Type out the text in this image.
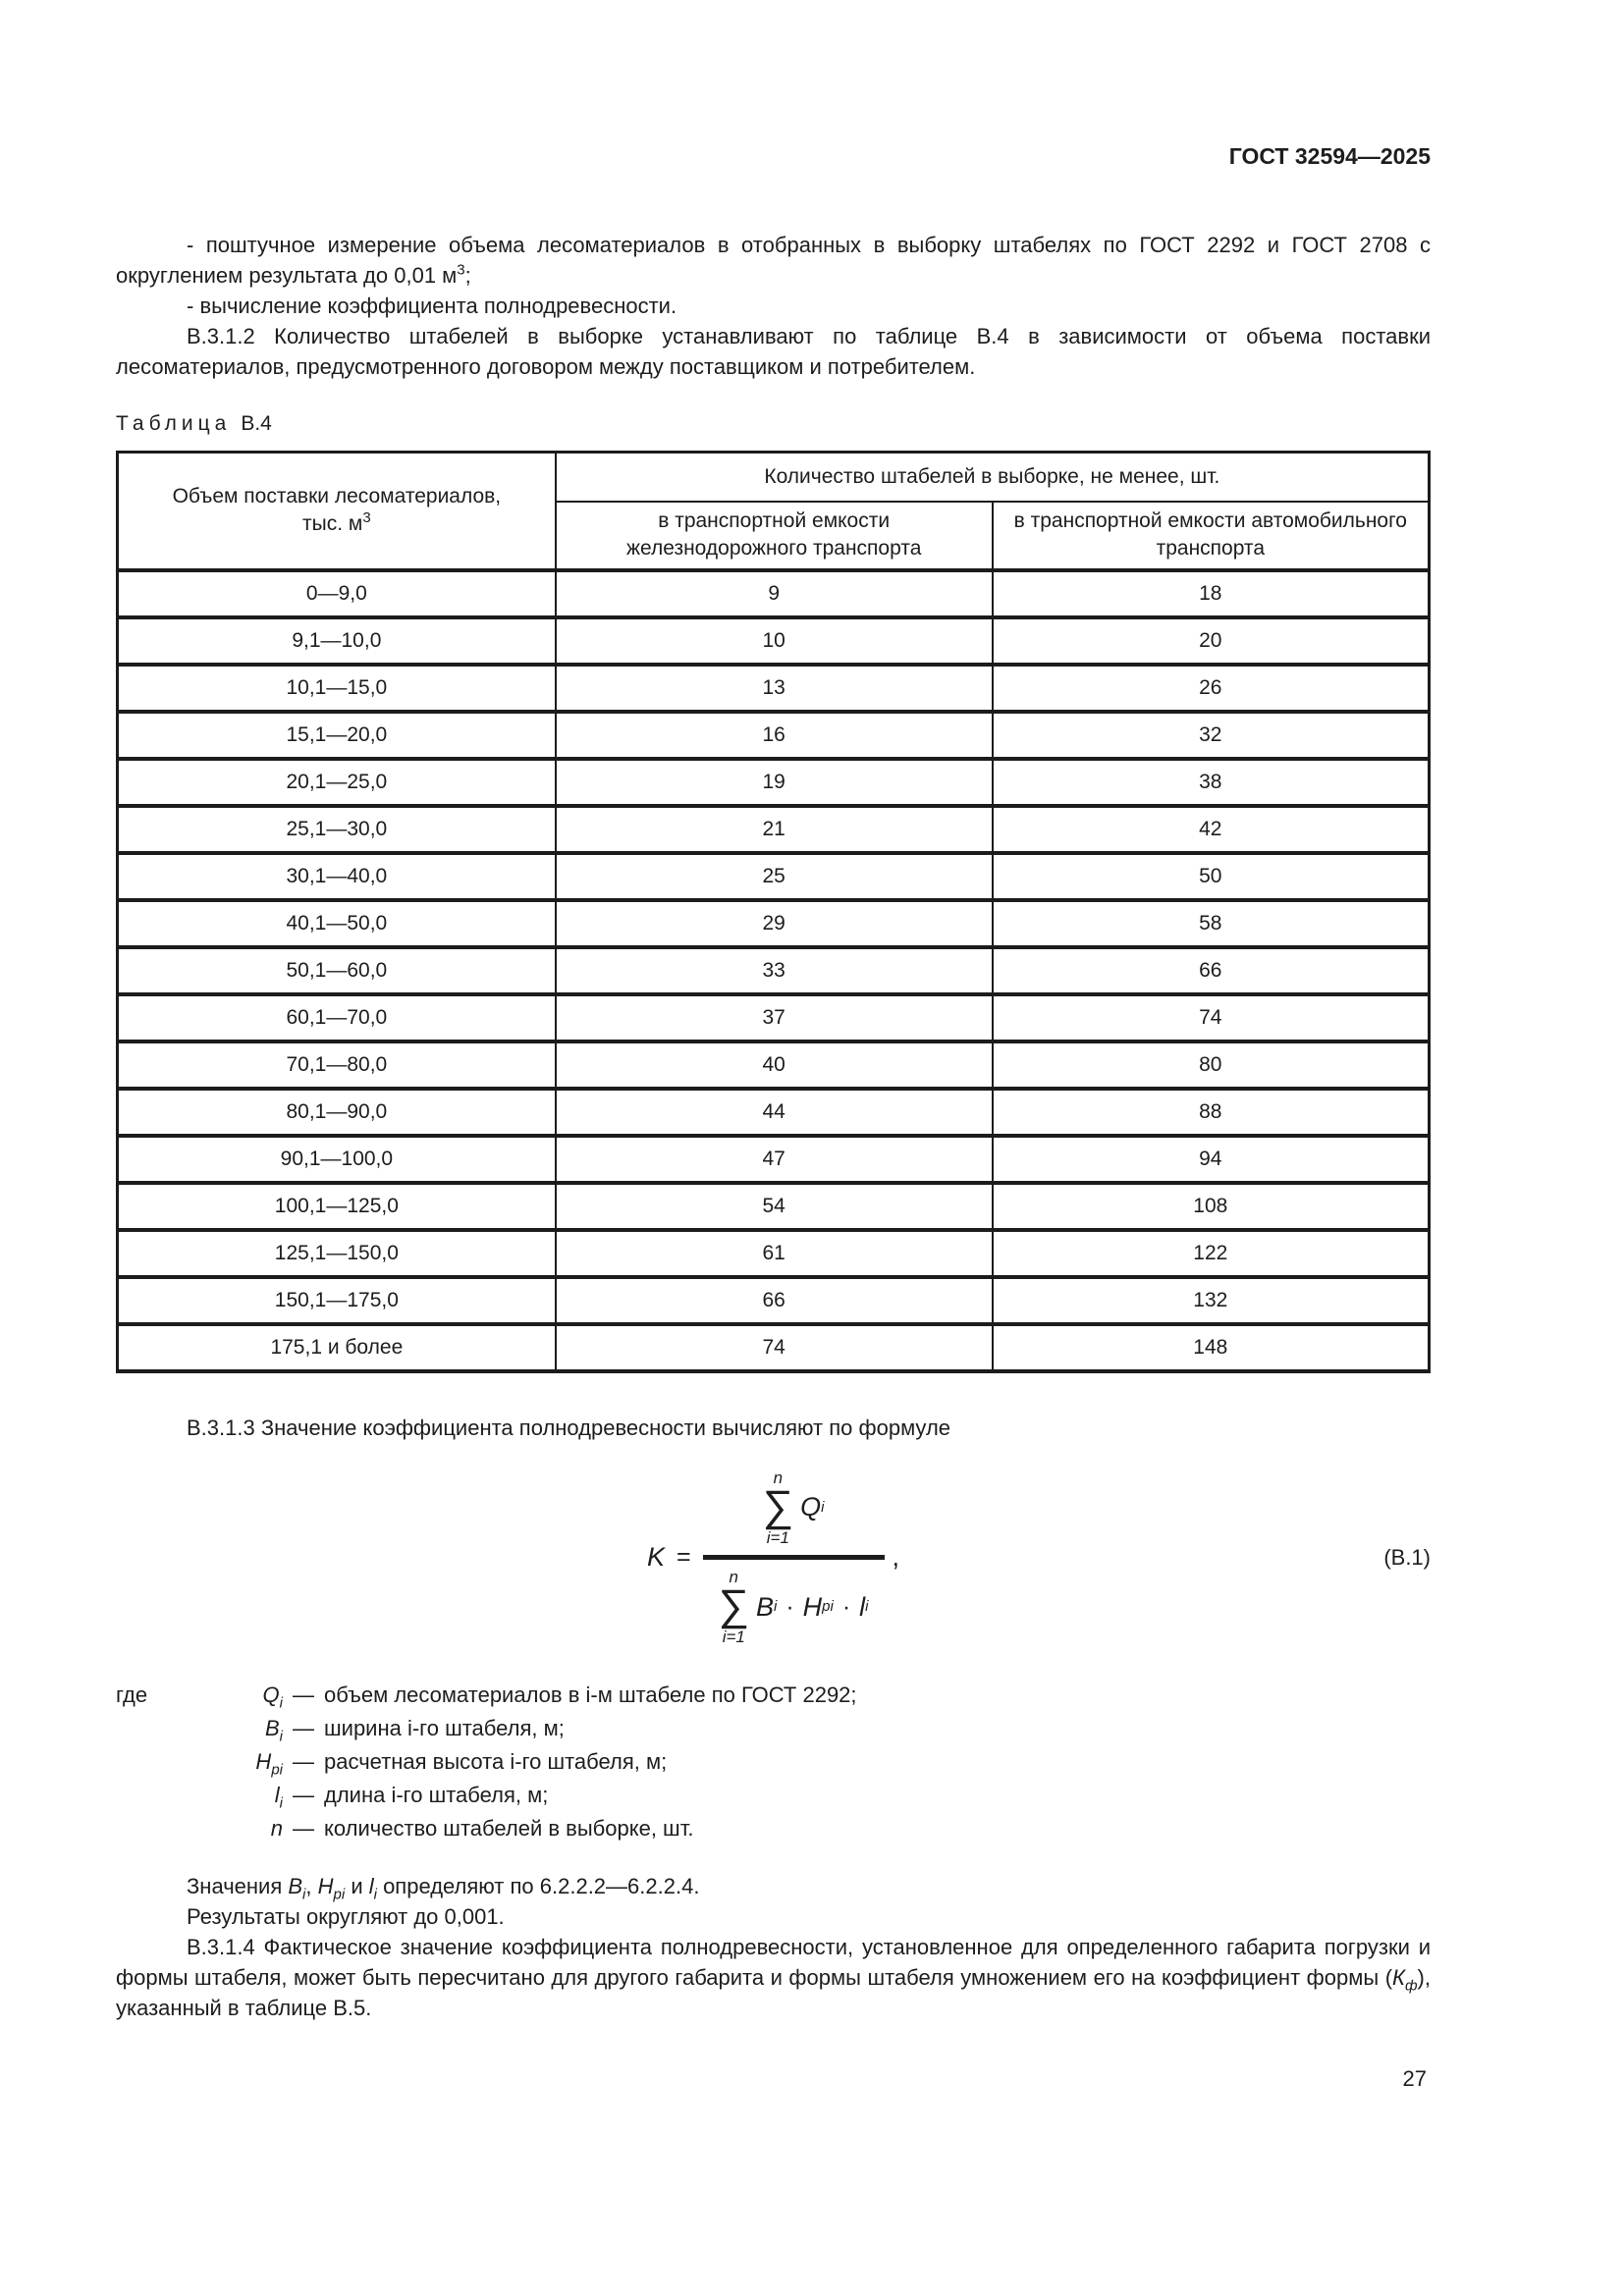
ГОСТ 32594—2025

- поштучное измерение объема лесоматериалов в отобранных в выборку штабелях по ГОСТ 2292 и ГОСТ 2708 с округлением результата до 0,01 $м^3$;

- вычисление коэффициента полнодревесности.

В.3.1.2 Количество штабелей в выборке устанавливают по таблице В.4 в зависимости от объема поставки лесоматериалов, предусмотренного договором между поставщиком и потребителем.

Таблица В.4
Объем поставки лесоматериалов,
тыс. $м^3$	Количество штабелей в выборке, не менее, шт.	
	в транспортной емкости железнодорожного транспорта	в транспортной емкости автомобильного транспорта
0—9,0	9	18
9,1—10,0	10	20
10,1—15,0	13	26
15,1—20,0	16	32
20,1—25,0	19	38
25,1—30,0	21	42
30,1—40,0	25	50
40,1—50,0	29	58
50,1—60,0	33	66
60,1—70,0	37	74
70,1—80,0	40	80
80,1—90,0	44	88
90,1—100,0	47	94
100,1—125,0	54	108
125,1—150,0	61	122
150,1—175,0	66	132
175,1 и более	74	148

В.3.1.3 Значение коэффициента полнодревесности вычисляют по формуле

K =
n
∑
i=1
Q i
n
∑
i=1
B i · H рi · l i
,	(В.1)
где	$Q_i$ — объем лесоматериалов в i-м штабеле по ГОСТ 2292;
$B_i$ — ширина i-го штабеля, м;
$H_{рi}$ — расчетная высота i-го штабеля, м;
$l_i$ — длина i-го штабеля, м;
n — количество штабелей в выборке, шт.

Значения $B_i$, $H_{рi}$ и $l_i$ определяют по 6.2.2.2—6.2.2.4.

Результаты округляют до 0,001.

В.3.1.4 Фактическое значение коэффициента полнодревесности, установленное для определенного габарита погрузки и формы штабеля, может быть пересчитано для другого габарита и формы штабеля умножением его на коэффициент формы $(К_ф)$, указанный в таблице В.5.

27
